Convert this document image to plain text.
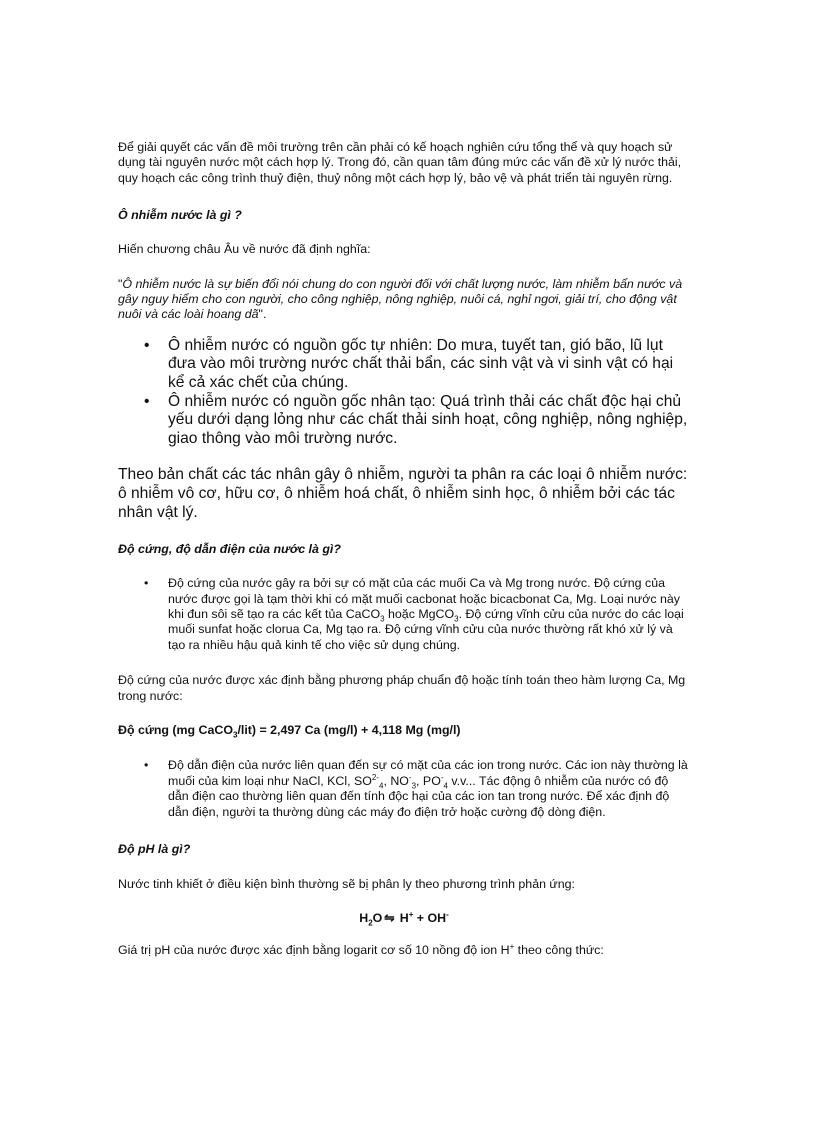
Để giải quyết các vấn đề môi trường trên cần phải có kế hoạch nghiên cứu tổng thể và quy hoạch sử dụng tài nguyên nước một cách hợp lý. Trong đó, cần quan tâm đúng mức các vấn đề xử lý nước thải, quy hoạch các công trình thuỷ điện, thuỷ nông một cách hợp lý, bảo vệ và phát triển tài nguyên rừng.

Ô nhiễm nước là gì ?

Hiến chương châu Âu về nước đã định nghĩa:

"Ô nhiễm nước là sự biến đổi nói chung do con người đối với chất lượng nước, làm nhiễm bẩn nước và gây nguy hiểm cho con người, cho công nghiệp, nông nghiệp, nuôi cá, nghỉ ngơi, giải trí, cho động vật nuôi và các loài hoang dã".

• Ô nhiễm nước có nguồn gốc tự nhiên: Do mưa, tuyết tan, gió bão, lũ lụt đưa vào môi trường nước chất thải bẩn, các sinh vật và vi sinh vật có hại kể cả xác chết của chúng.
• Ô nhiễm nước có nguồn gốc nhân tạo: Quá trình thải các chất độc hại chủ yếu dưới dạng lỏng như các chất thải sinh hoạt, công nghiệp, nông nghiệp, giao thông vào môi trường nước.

Theo bản chất các tác nhân gây ô nhiễm, người ta phân ra các loại ô nhiễm nước: ô nhiễm vô cơ, hữu cơ, ô nhiễm hoá chất, ô nhiễm sinh học, ô nhiễm bởi các tác nhân vật lý.

Độ cứng, độ dẫn điện của nước là gì?

• Độ cứng của nước gây ra bởi sự có mặt của các muối Ca và Mg trong nước. Độ cứng của nước được gọi là tạm thời khi có mặt muối cacbonat hoặc bicacbonat Ca, Mg. Loại nước này khi đun sôi sẽ tạo ra các kết tủa CaCO$_3$ hoặc MgCO$_3$. Độ cứng vĩnh cửu của nước do các loại muối sunfat hoặc clorua Ca, Mg tạo ra. Độ cứng vĩnh cửu của nước thường rất khó xử lý và tạo ra nhiều hậu quả kinh tế cho việc sử dụng chúng.

Độ cứng của nước được xác định bằng phương pháp chuẩn độ hoặc tính toán theo hàm lượng Ca, Mg trong nước:

Độ cứng (mg CaCO$_3$/lit) = 2,497 Ca (mg/l) + 4,118 Mg (mg/l)

• Độ dẫn điện của nước liên quan đến sự có mặt của các ion trong nước. Các ion này thường là muối của kim loại như NaCl, KCl, $SO^{2-}_4$, $NO^-_3$, $PO^-_4$ v.v... Tác động ô nhiễm của nước có độ dẫn điện cao thường liên quan đến tính độc hại của các ion tan trong nước. Để xác định độ dẫn điện, người ta thường dùng các máy đo điện trở hoặc cường độ dòng điện.

Độ pH là gì?

Nước tinh khiết ở điều kiện bình thường sẽ bị phân ly theo phương trình phản ứng:

$H_2O$ ⇋ H+ + OH-

Giá trị pH của nước được xác định bằng logarit cơ số 10 nồng độ ion H+ theo công thức:
